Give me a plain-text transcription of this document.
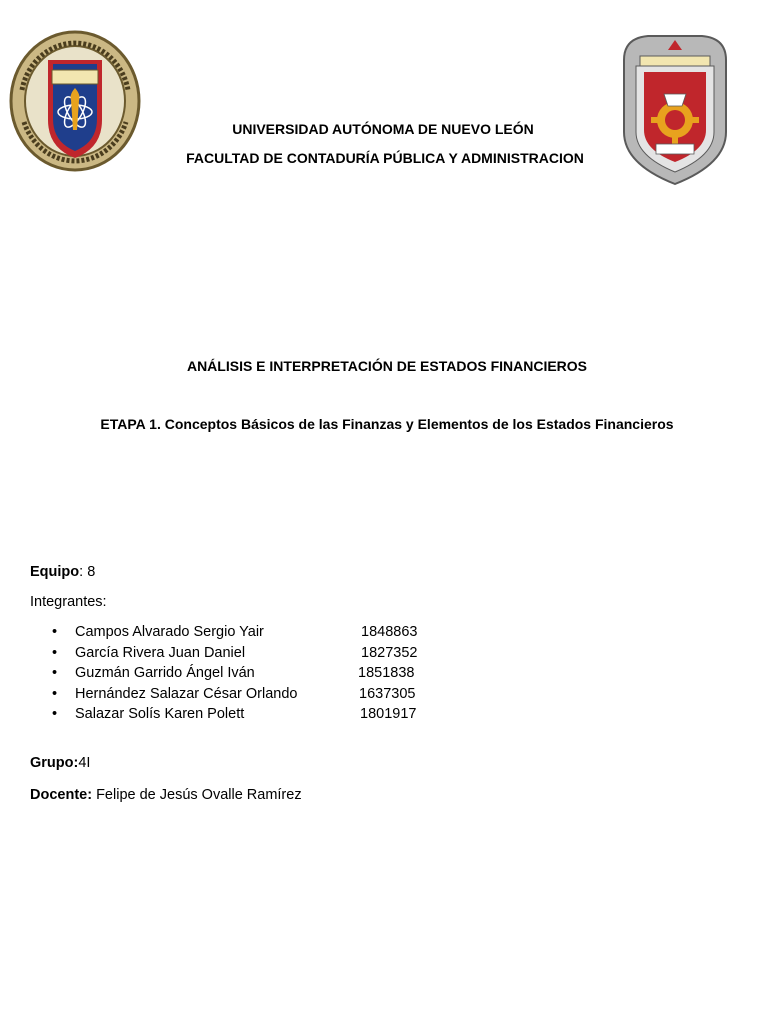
UNIVERSIDAD AUTÓNOMA DE NUEVO LEÓN
FACULTAD DE CONTADURÍA PÚBLICA Y ADMINISTRACION
ANÁLISIS E INTERPRETACIÓN DE ESTADOS FINANCIEROS
ETAPA 1. Conceptos Básicos de las Finanzas y Elementos de los Estados Financieros
Equipo: 8
Integrantes:
•	Campos Alvarado Sergio Yair	1848863
•	García Rivera Juan Daniel	1827352
•	Guzmán Garrido Ángel Iván	1851838
•	Hernández Salazar César Orlando	1637305
•	Salazar Solís Karen Polett	1801917
Grupo:4I
Docente: Felipe de Jesús Ovalle Ramírez
